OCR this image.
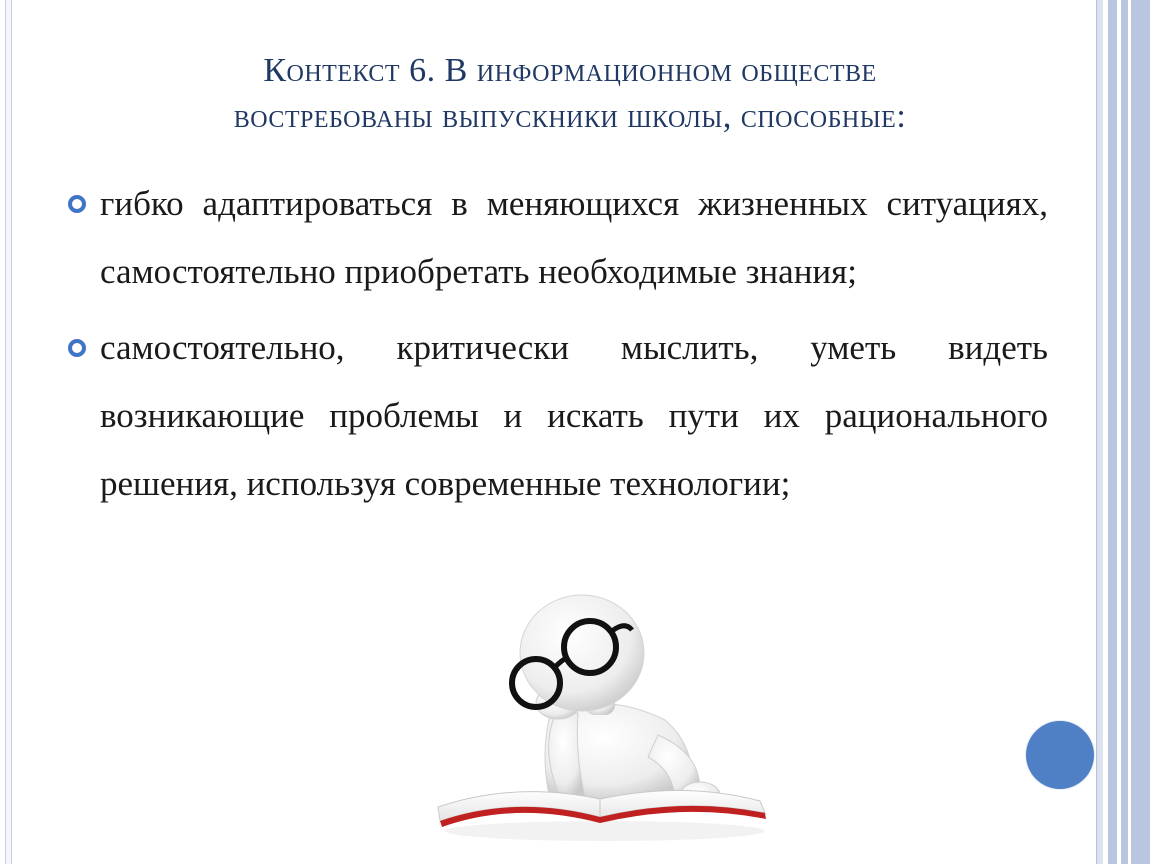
Контекст 6. В информационном обществе
востребованы выпускники школы, способные:
гибко адаптироваться в меняющихся жизненных ситуациях, самостоятельно приобретать необходимые знания;
самостоятельно, критически мыслить, уметь видеть возникающие проблемы и искать пути их рационального решения, используя современные технологии;
